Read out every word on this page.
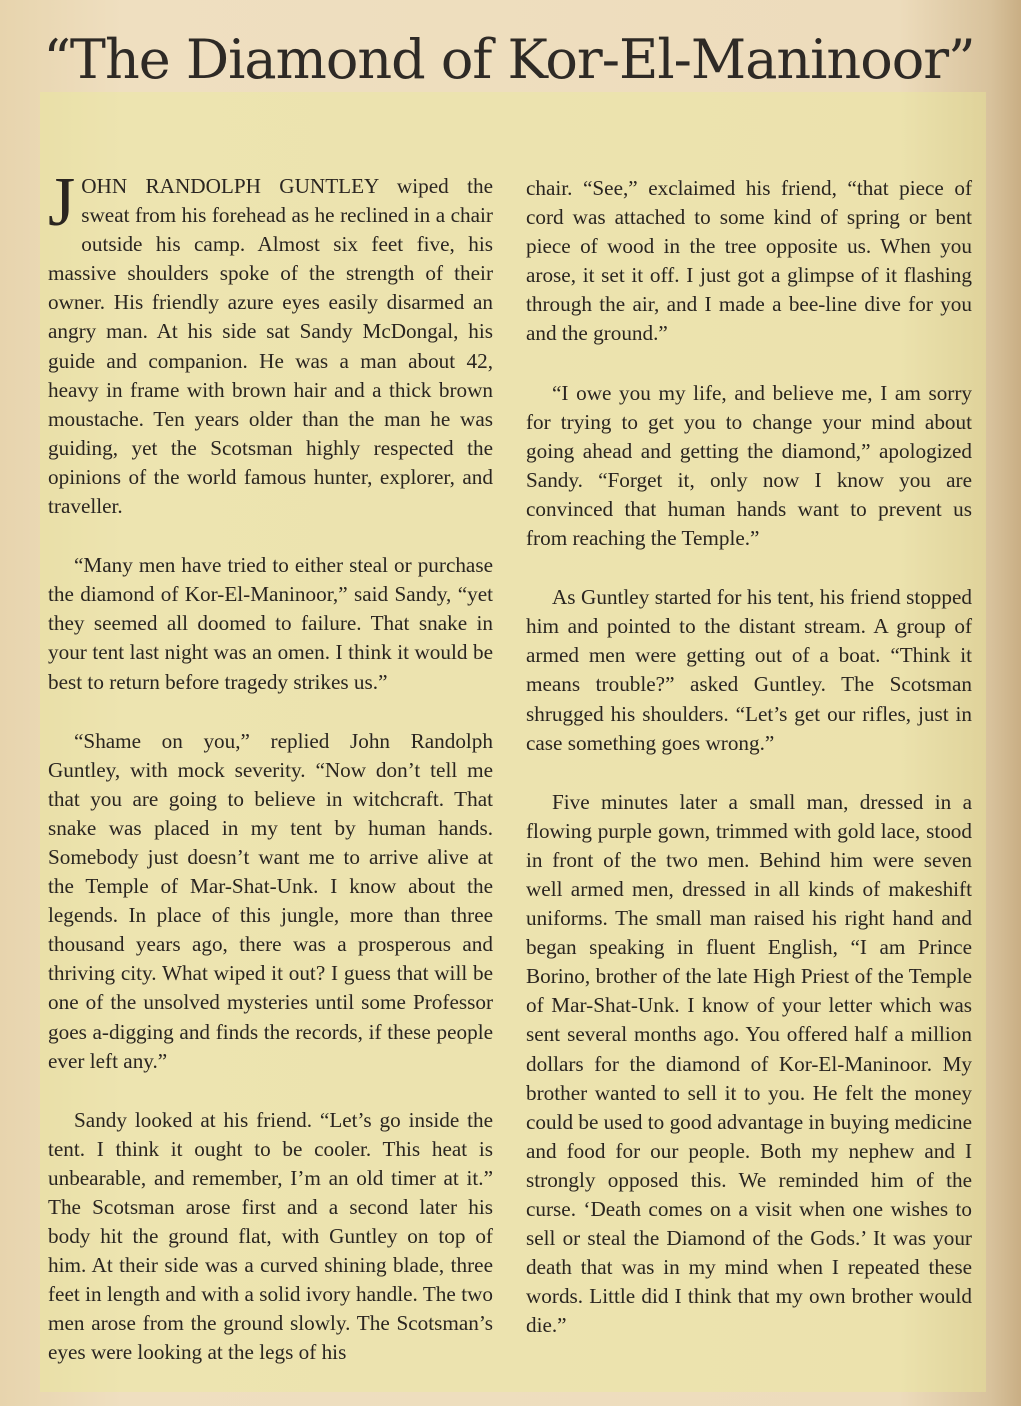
“The Diamond of Kor-El-Maninoor”

JOHN RANDOLPH GUNTLEY wiped the sweat from his forehead as he reclined in a chair outside his camp. Almost six feet five, his massive shoulders spoke of the strength of their owner. His friendly azure eyes easily disarmed an angry man. At his side sat Sandy McDongal, his guide and companion. He was a man about 42, heavy in frame with brown hair and a thick brown moustache. Ten years older than the man he was guiding, yet the Scotsman highly respected the opinions of the world famous hunter, explorer, and traveller.

“Many men have tried to either steal or purchase the diamond of Kor-El-Maninoor,” said Sandy, “yet they seemed all doomed to failure. That snake in your tent last night was an omen. I think it would be best to return before tragedy strikes us.”

“Shame on you,” replied John Randolph Guntley, with mock severity. “Now don’t tell me that you are going to believe in witchcraft. That snake was placed in my tent by human hands. Somebody just doesn’t want me to arrive alive at the Temple of Mar-Shat-Unk. I know about the legends. In place of this jungle, more than three thousand years ago, there was a prosperous and thriving city. What wiped it out? I guess that will be one of the unsolved mysteries until some Professor goes a-digging and finds the records, if these people ever left any.”

Sandy looked at his friend. “Let’s go inside the tent. I think it ought to be cooler. This heat is unbearable, and remember, I’m an old timer at it.” The Scotsman arose first and a second later his body hit the ground flat, with Guntley on top of him. At their side was a curved shining blade, three feet in length and with a solid ivory handle. The two men arose from the ground slowly. The Scotsman’s eyes were looking at the legs of his

chair. “See,” exclaimed his friend, “that piece of cord was attached to some kind of spring or bent piece of wood in the tree opposite us. When you arose, it set it off. I just got a glimpse of it flashing through the air, and I made a bee-line dive for you and the ground.”

“I owe you my life, and believe me, I am sorry for trying to get you to change your mind about going ahead and getting the diamond,” apologized Sandy. “Forget it, only now I know you are convinced that human hands want to prevent us from reaching the Temple.”

As Guntley started for his tent, his friend stopped him and pointed to the distant stream. A group of armed men were getting out of a boat. “Think it means trouble?” asked Guntley. The Scotsman shrugged his shoulders. “Let’s get our rifles, just in case something goes wrong.”

Five minutes later a small man, dressed in a flowing purple gown, trimmed with gold lace, stood in front of the two men. Behind him were seven well armed men, dressed in all kinds of makeshift uniforms. The small man raised his right hand and began speaking in fluent English, “I am Prince Borino, brother of the late High Priest of the Temple of Mar-Shat-Unk. I know of your letter which was sent several months ago. You offered half a million dollars for the diamond of Kor-El-Maninoor. My brother wanted to sell it to you. He felt the money could be used to good advantage in buying medicine and food for our people. Both my nephew and I strongly opposed this. We reminded him of the curse. ‘Death comes on a visit when one wishes to sell or steal the Diamond of the Gods.’ It was your death that was in my mind when I repeated these words. Little did I think that my own brother would die.”
